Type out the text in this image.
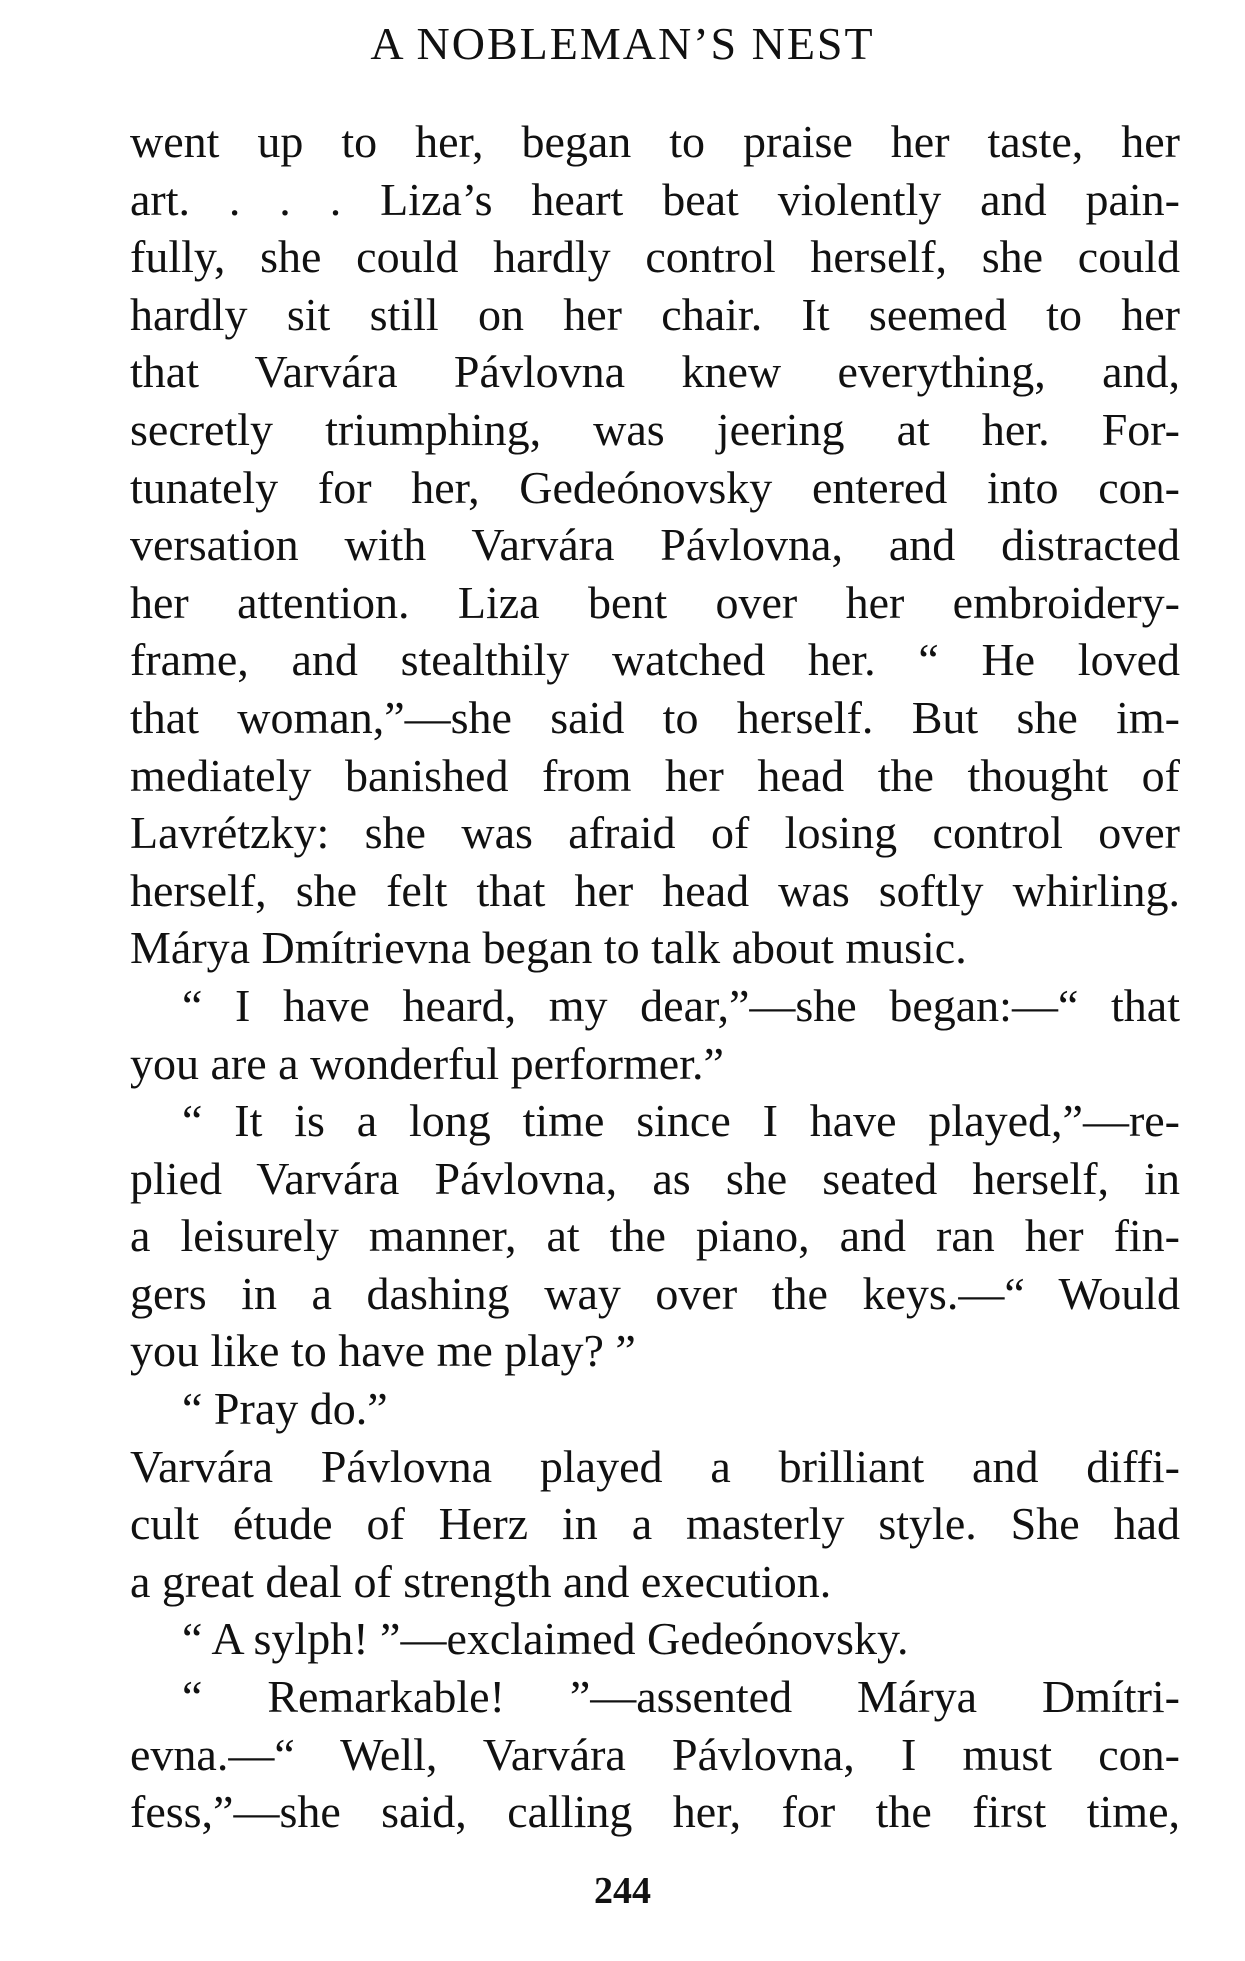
A NOBLEMAN’S NEST
went up to her, began to praise her taste, her
art. . . . Liza’s heart beat violently and pain-
fully, she could hardly control herself, she could
hardly sit still on her chair. It seemed to her
that Varvára Pávlovna knew everything, and,
secretly triumphing, was jeering at her. For-
tunately for her, Gedeónovsky entered into con-
versation with Varvára Pávlovna, and distracted
her attention. Liza bent over her embroidery-
frame, and stealthily watched her. “ He loved
that woman,”—she said to herself. But she im-
mediately banished from her head the thought of
Lavrétzky: she was afraid of losing control over
herself, she felt that her head was softly whirling.
Márya Dmítrievna began to talk about music.
“ I have heard, my dear,”—she began:—“ that
you are a wonderful performer.”
“ It is a long time since I have played,”—re-
plied Varvára Pávlovna, as she seated herself, in
a leisurely manner, at the piano, and ran her fin-
gers in a dashing way over the keys.—“ Would
you like to have me play? ”
“ Pray do.”
Varvára Pávlovna played a brilliant and diffi-
cult étude of Herz in a masterly style. She had
a great deal of strength and execution.
“ A sylph! ”—exclaimed Gedeónovsky.
“ Remarkable! ”—assented Márya Dmítri-
evna.—“ Well, Varvára Pávlovna, I must con-
fess,”—she said, calling her, for the first time,
244
